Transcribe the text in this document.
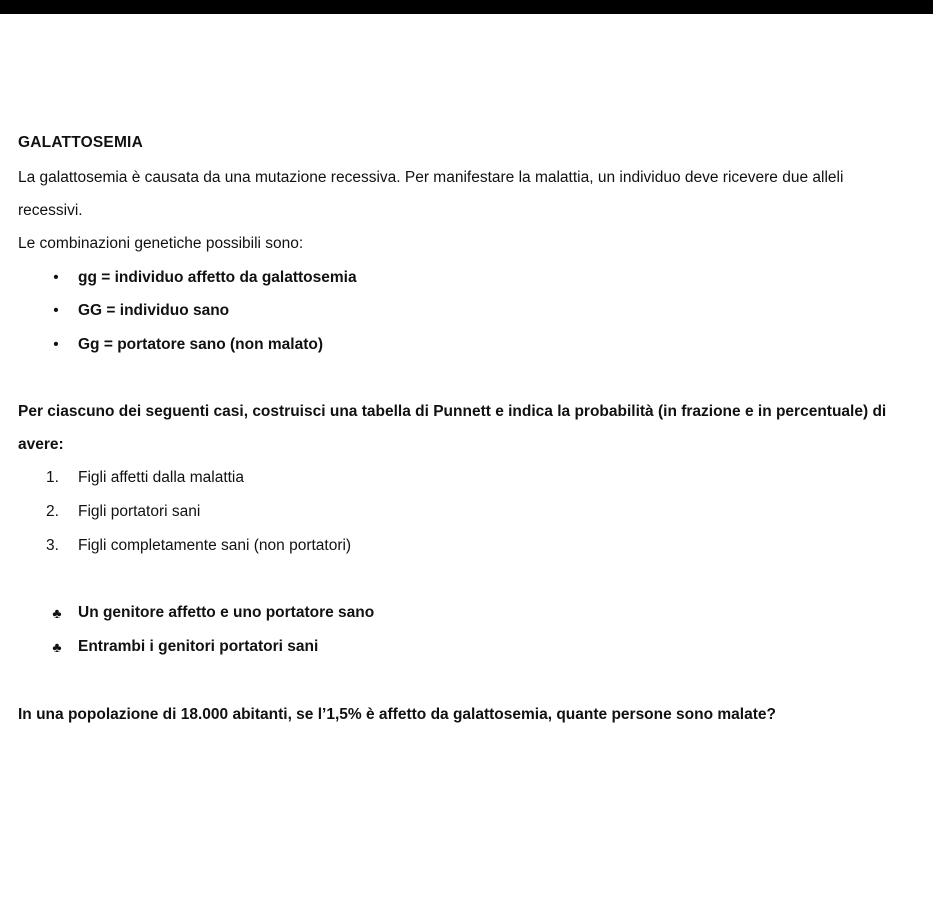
GALATTOSEMIA
La galattosemia è causata da una mutazione recessiva. Per manifestare la malattia, un individuo deve ricevere due alleli
recessivi.
Le combinazioni genetiche possibili sono:
• gg = individuo affetto da galattosemia
• GG = individuo sano
• Gg = portatore sano (non malato)
Per ciascuno dei seguenti casi, costruisci una tabella di Punnett e indica la probabilità (in frazione e in percentuale) di
avere:
1.	Figli affetti dalla malattia
2.	Figli portatori sani
3.	Figli completamente sani (non portatori)
♣ Un genitore affetto e uno portatore sano
♣ Entrambi i genitori portatori sani
In una popolazione di 18.000 abitanti, se l’1,5% è affetto da galattosemia, quante persone sono malate?
